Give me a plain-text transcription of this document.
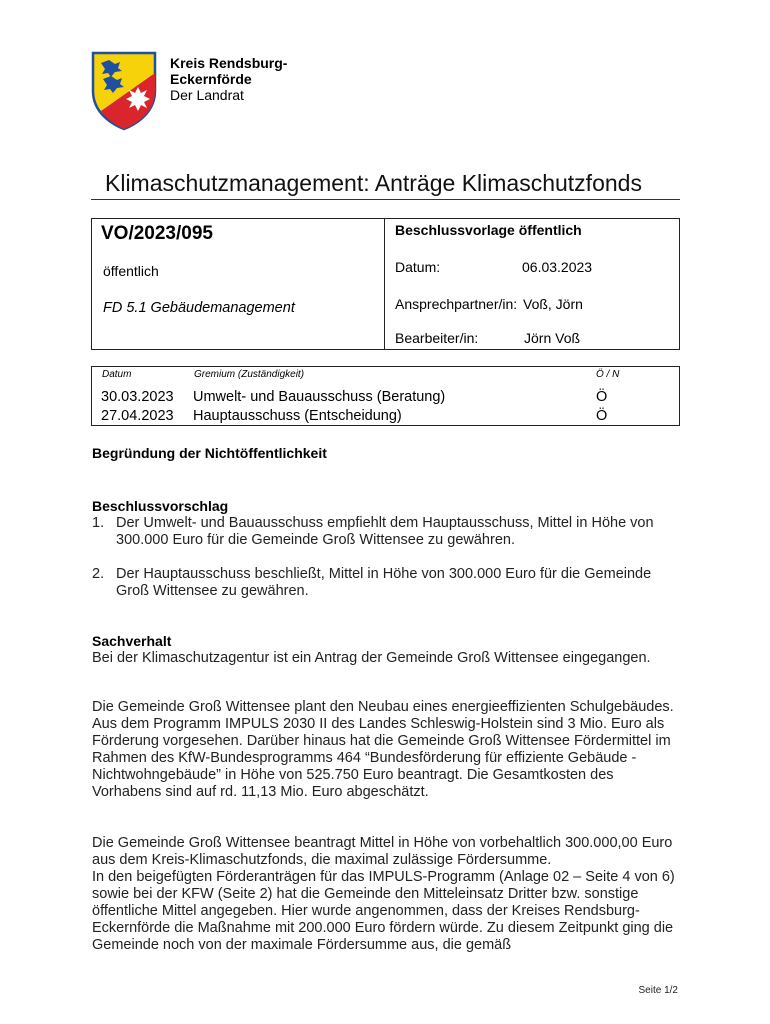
Kreis Rendsburg-
Eckernförde
Der Landrat
Klimaschutzmanagement: Anträge Klimaschutzfonds
VO/2023/095
öffentlich
FD 5.1 Gebäudemanagement
Beschlussvorlage öffentlich
Datum:	06.03.2023
Ansprechpartner/in: Voß, Jörn
Bearbeiter/in:	Jörn Voß
Datum	Gremium (Zuständigkeit)	Ö / N
30.03.2023 Umwelt- und Bauausschuss (Beratung)	Ö
27.04.2023 Hauptausschuss (Entscheidung)	Ö
Begründung der Nichtöffentlichkeit
Beschlussvorschlag
1. Der Umwelt- und Bauausschuss empfiehlt dem Hauptausschuss, Mittel in Höhe von 300.000 Euro für die Gemeinde Groß Wittensee zu gewähren.
2. Der Hauptausschuss beschließt, Mittel in Höhe von 300.000 Euro für die Gemeinde Groß Wittensee zu gewähren.
Sachverhalt
Bei der Klimaschutzagentur ist ein Antrag der Gemeinde Groß Wittensee eingegangen.
Die Gemeinde Groß Wittensee plant den Neubau eines energieeffizienten Schulgebäudes. Aus dem Programm IMPULS 2030 II des Landes Schleswig-Holstein sind 3 Mio. Euro als Förderung vorgesehen. Darüber hinaus hat die Gemeinde Groß Wittensee Fördermittel im Rahmen des KfW-Bundesprogramms 464 “Bundesförderung für effiziente Gebäude - Nichtwohngebäude” in Höhe von 525.750 Euro beantragt. Die Gesamtkosten des Vorhabens sind auf rd. 11,13 Mio. Euro abgeschätzt.
Die Gemeinde Groß Wittensee beantragt Mittel in Höhe von vorbehaltlich 300.000,00 Euro aus dem Kreis-Klimaschutzfonds, die maximal zulässige Fördersumme.
In den beigefügten Förderanträgen für das IMPULS-Programm (Anlage 02 – Seite 4 von 6) sowie bei der KFW (Seite 2) hat die Gemeinde den Mitteleinsatz Dritter bzw. sonstige öffentliche Mittel angegeben. Hier wurde angenommen, dass der Kreises Rendsburg-Eckernförde die Maßnahme mit 200.000 Euro fördern würde. Zu diesem Zeitpunkt ging die Gemeinde noch von der maximale Fördersumme aus, die gemäß
Seite 1/2
